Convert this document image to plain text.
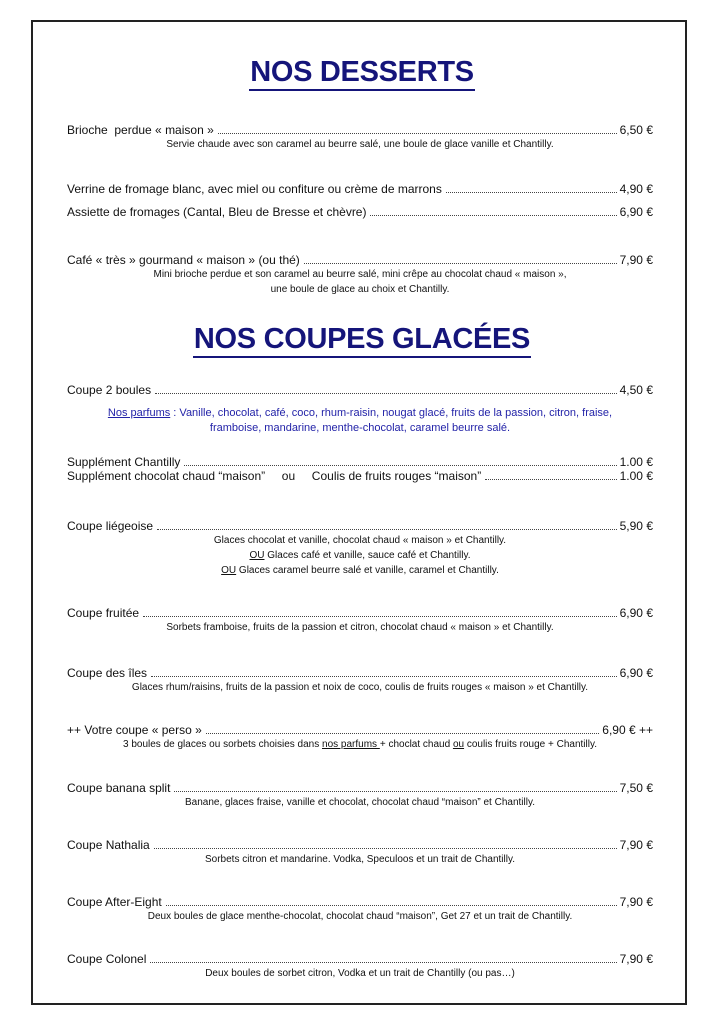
NOS DESSERTS
NOS COUPES GLACÉES
Nos parfums : Vanille, chocolat, café, coco, rhum-raisin, nougat glacé, fruits de la passion, citron, fraise,
framboise, mandarine, menthe-chocolat, caramel beurre salé.
Brioche  perdue « maison »	6,50 €
Servie chaude avec son caramel au beurre salé, une boule de glace vanille et Chantilly.
Verrine de fromage blanc, avec miel ou confiture ou crème de marrons	4,90 €
Assiette de fromages (Cantal, Bleu de Bresse et chèvre)	6,90 €
Café « très » gourmand « maison » (ou thé)	7,90 €
Mini brioche perdue et son caramel au beurre salé, mini crêpe au chocolat chaud « maison »,
une boule de glace au choix et Chantilly.
Coupe 2 boules	4,50 €
Supplément Chantilly	1.00 €
Supplément chocolat chaud “maison”     ou     Coulis de fruits rouges “maison”	1.00 €
Coupe liégeoise	5,90 €
Glaces chocolat et vanille, chocolat chaud « maison » et Chantilly.
OU Glaces café et vanille, sauce café et Chantilly.
OU Glaces caramel beurre salé et vanille, caramel et Chantilly.
Coupe fruitée	6,90 €
Sorbets framboise, fruits de la passion et citron, chocolat chaud « maison » et Chantilly.
Coupe des îles	6,90 €
Glaces rhum/raisins, fruits de la passion et noix de coco, coulis de fruits rouges « maison » et Chantilly.
++ Votre coupe « perso »	6,90 € ++
3 boules de glaces ou sorbets choisies dans nos parfums + choclat chaud ou coulis fruits rouge + Chantilly.
Coupe banana split	7,50 €
Banane, glaces fraise, vanille et chocolat, chocolat chaud “maison” et Chantilly.
Coupe Nathalia	7,90 €
Sorbets citron et mandarine. Vodka, Speculoos et un trait de Chantilly.
Coupe After-Eight	7,90 €
Deux boules de glace menthe-chocolat, chocolat chaud “maison”, Get 27 et un trait de Chantilly.
Coupe Colonel	7,90 €
Deux boules de sorbet citron, Vodka et un trait de Chantilly (ou pas…)
